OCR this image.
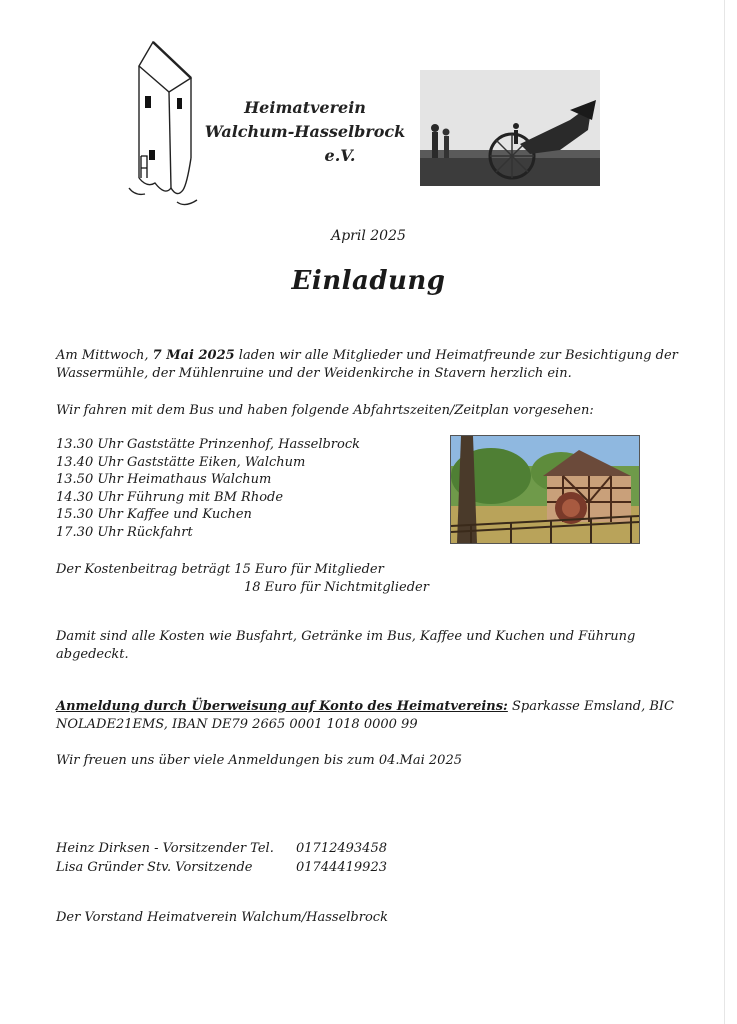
Heimatverein
Walchum-Hasselbrock
e.V.
April 2025
Einladung
Am Mittwoch, 7 Mai 2025 laden wir alle Mitglieder und Heimatfreunde zur Besichtigung der Wassermühle, der Mühlenruine und der Weidenkirche in Stavern herzlich ein.
Wir fahren mit dem Bus und haben folgende Abfahrtszeiten/Zeitplan vorgesehen:
13.30 Uhr Gaststätte Prinzenhof, Hasselbrock
13.40 Uhr Gaststätte Eiken, Walchum
13.50 Uhr Heimathaus Walchum
14.30 Uhr Führung mit BM Rhode
15.30 Uhr Kaffee und Kuchen
17.30 Uhr Rückfahrt
Der Kostenbeitrag beträgt 15 Euro für Mitglieder
18 Euro für Nichtmitglieder
Damit sind alle Kosten wie Busfahrt, Getränke im Bus, Kaffee und Kuchen und Führung abgedeckt.
Anmeldung durch Überweisung auf Konto des Heimatvereins: Sparkasse Emsland, BIC NOLADE21EMS, IBAN DE79 2665 0001 1018 0000 99
Wir freuen uns über viele Anmeldungen bis zum 04.Mai 2025
Heinz Dirksen - Vorsitzender Tel. 01712493458
Lisa Gründer Stv. Vorsitzende	01744419923
Der Vorstand Heimatverein Walchum/Hasselbrock
